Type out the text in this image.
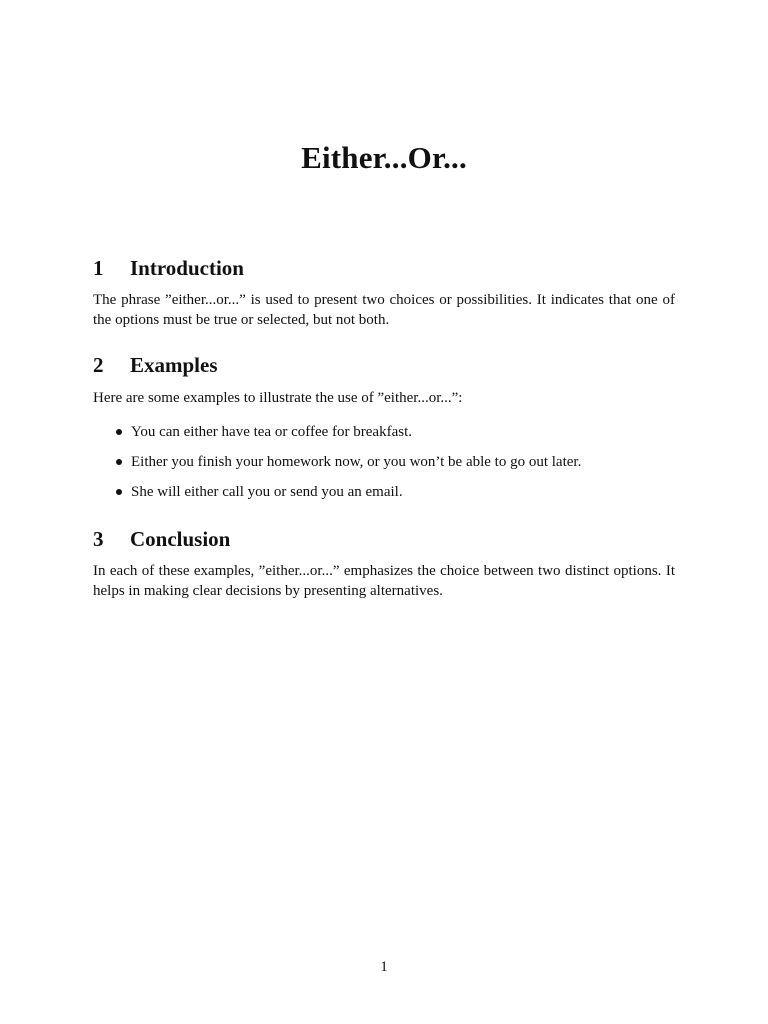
Either...Or...
1 Introduction

The phrase ”either...or...” is used to present two choices or possibilities. It indicates that one of the options must be true or selected, but not both.

2 Examples

Here are some examples to illustrate the use of ”either...or...”:

You can either have tea or coffee for breakfast.
Either you finish your homework now, or you won’t be able to go out later.
She will either call you or send you an email.
3 Conclusion

In each of these examples, ”either...or...” emphasizes the choice between two distinct options. It helps in making clear decisions by presenting alternatives.

1
